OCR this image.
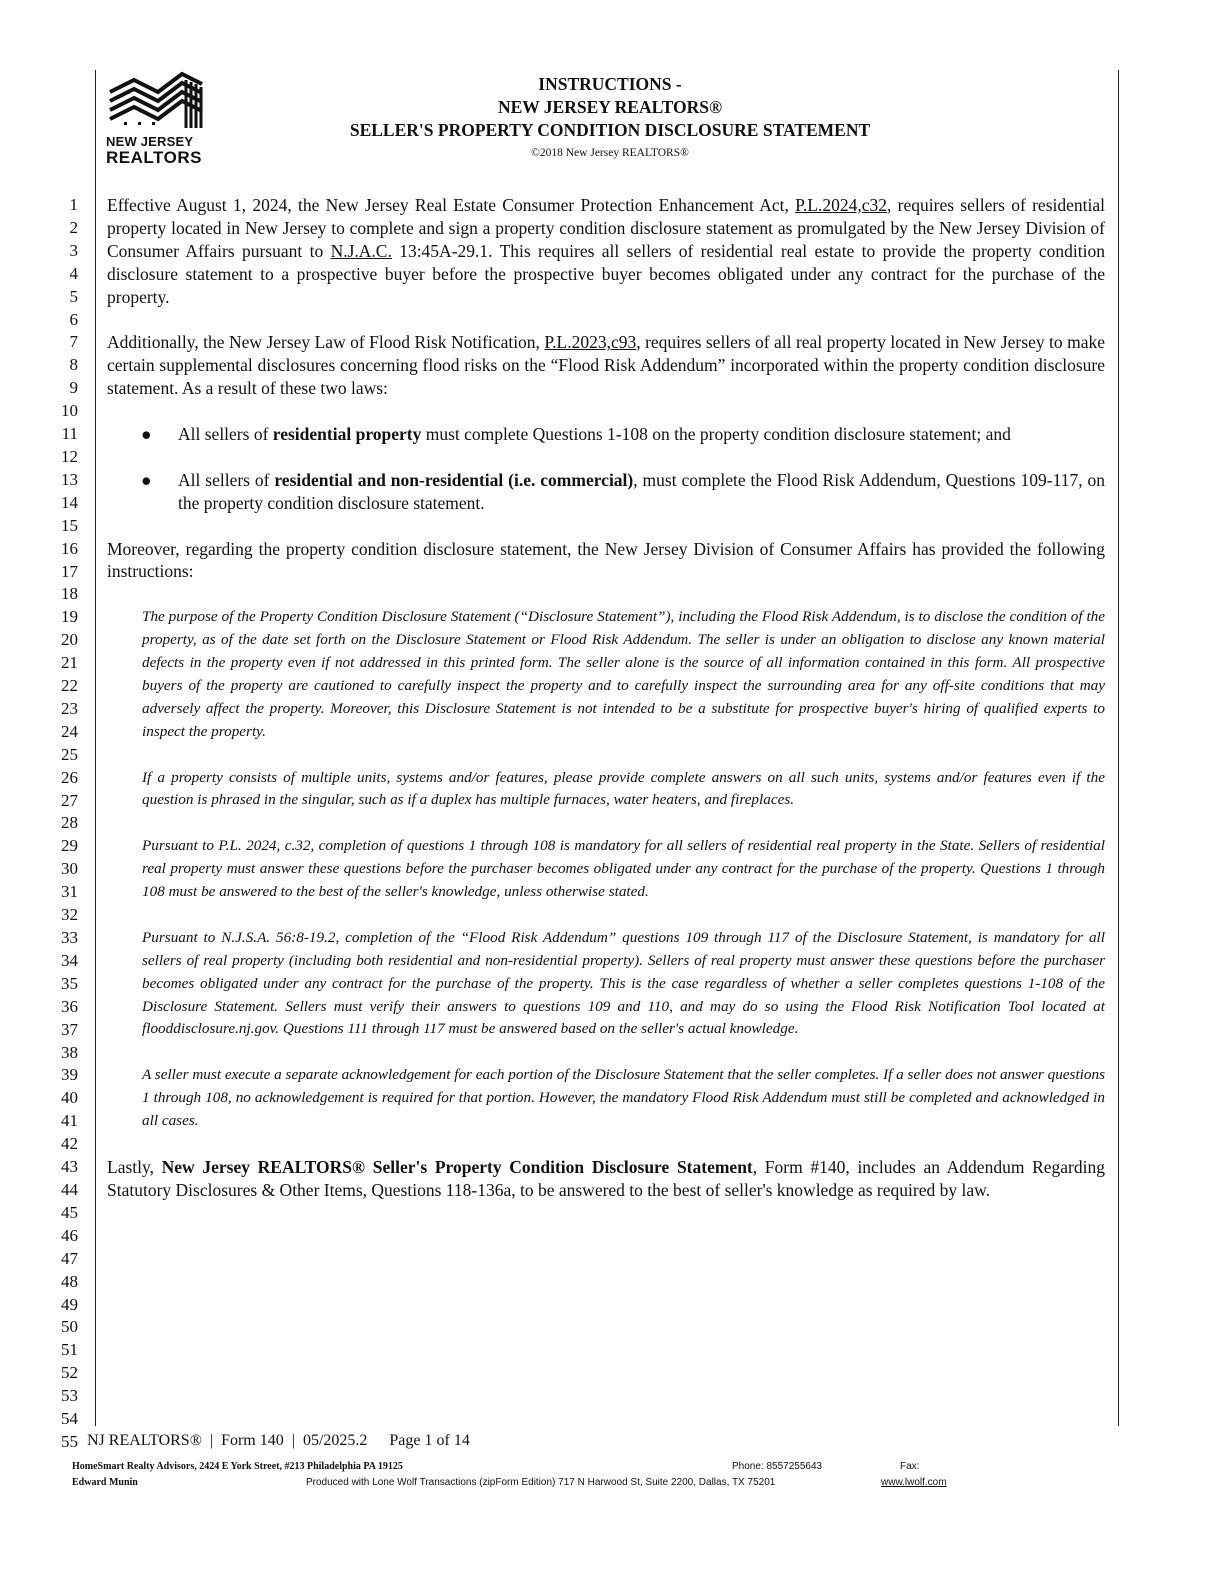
NEW JERSEY
REALTORS
INSTRUCTIONS -
NEW JERSEY REALTORS®
SELLER'S PROPERTY CONDITION DISCLOSURE STATEMENT
©2018 New Jersey REALTORS®
1
2
3
4
5
6
7
8
9
10
11
12
13
14
15
16
17
18
19
20
21
22
23
24
25
26
27
28
29
30
31
32
33
34
35
36
37
38
39
40
41
42
43
44
45
46
47
48
49
50
51
52
53
54
55
Effective August 1, 2024, the New Jersey Real Estate Consumer Protection Enhancement Act, P.L.2024,c32, requires sellers of residential property located in New Jersey to complete and sign a property condition disclosure statement as promulgated by the New Jersey Division of Consumer Affairs pursuant to N.J.A.C. 13:45A-29.1. This requires all sellers of residential real estate to provide the property condition disclosure statement to a prospective buyer before the prospective buyer becomes obligated under any contract for the purchase of the property.
Additionally, the New Jersey Law of Flood Risk Notification, P.L.2023,c93, requires sellers of all real property located in New Jersey to make certain supplemental disclosures concerning flood risks on the “Flood Risk Addendum” incorporated within the property condition disclosure statement. As a result of these two laws:
● All sellers of residential property must complete Questions 1-108 on the property condition disclosure statement; and
● All sellers of residential and non-residential (i.e. commercial), must complete the Flood Risk Addendum, Questions 109-117, on the property condition disclosure statement.
Moreover, regarding the property condition disclosure statement, the New Jersey Division of Consumer Affairs has provided the following instructions:
The purpose of the Property Condition Disclosure Statement (“Disclosure Statement”), including the Flood Risk Addendum, is to disclose the condition of the property, as of the date set forth on the Disclosure Statement or Flood Risk Addendum. The seller is under an obligation to disclose any known material defects in the property even if not addressed in this printed form. The seller alone is the source of all information contained in this form. All prospective buyers of the property are cautioned to carefully inspect the property and to carefully inspect the surrounding area for any off-site conditions that may adversely affect the property. Moreover, this Disclosure Statement is not intended to be a substitute for prospective buyer's hiring of qualified experts to inspect the property.
If a property consists of multiple units, systems and/or features, please provide complete answers on all such units, systems and/or features even if the question is phrased in the singular, such as if a duplex has multiple furnaces, water heaters, and fireplaces.
Pursuant to P.L. 2024, c.32, completion of questions 1 through 108 is mandatory for all sellers of residential real property in the State. Sellers of residential real property must answer these questions before the purchaser becomes obligated under any contract for the purchase of the property. Questions 1 through 108 must be answered to the best of the seller's knowledge, unless otherwise stated.
Pursuant to N.J.S.A. 56:8-19.2, completion of the “Flood Risk Addendum” questions 109 through 117 of the Disclosure Statement, is mandatory for all sellers of real property (including both residential and non-residential property). Sellers of real property must answer these questions before the purchaser becomes obligated under any contract for the purchase of the property. This is the case regardless of whether a seller completes questions 1-108 of the Disclosure Statement. Sellers must verify their answers to questions 109 and 110, and may do so using the Flood Risk Notification Tool located at flooddisclosure.nj.gov. Questions 111 through 117 must be answered based on the seller's actual knowledge.
A seller must execute a separate acknowledgement for each portion of the Disclosure Statement that the seller completes. If a seller does not answer questions 1 through 108, no acknowledgement is required for that portion. However, the mandatory Flood Risk Addendum must still be completed and acknowledged in all cases.
Lastly, New Jersey REALTORS® Seller's Property Condition Disclosure Statement, Form #140, includes an Addendum Regarding Statutory Disclosures & Other Items, Questions 118-136a, to be answered to the best of seller's knowledge as required by law.
NJ REALTORS® | Form 140 | 05/2025.2 Page 1 of 14
HomeSmart Realty Advisors, 2424 E York Street, #213 Philadelphia PA 19125
Edward Munin
Phone: 8557255643	Fax:
Produced with Lone Wolf Transactions (zipForm Edition) 717 N Harwood St, Suite 2200, Dallas, TX 75201	www.lwolf.com
